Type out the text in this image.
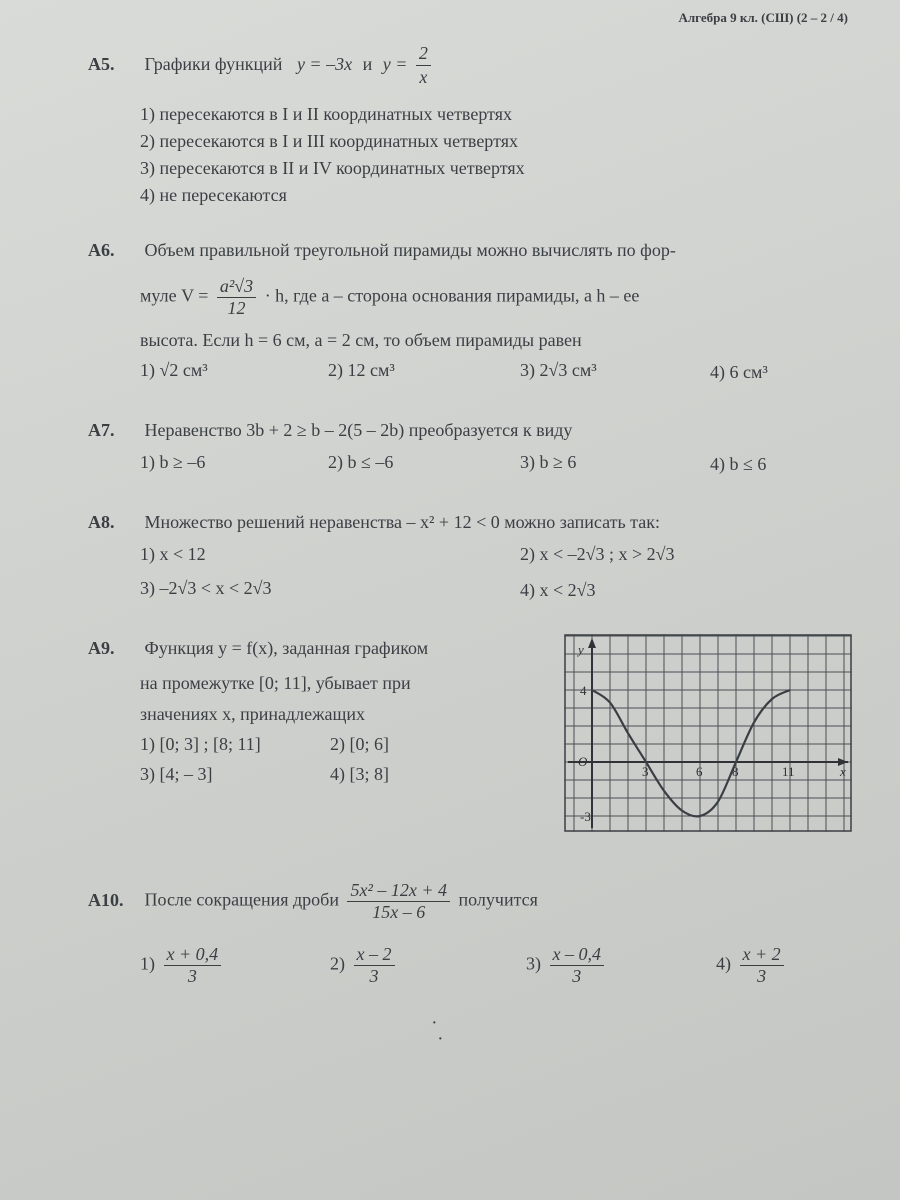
Алгебра 9 кл. (СШ) (2 – 2 / 4)
А5. Графики функций y = –3x и $y = \frac{2}{x}$
1) пересекаются в I и II координатных четвертях
2) пересекаются в I и III координатных четвертях
3) пересекаются в II и IV координатных четвертях
4) не пересекаются
А6. Объем правильной треугольной пирамиды можно вычислять по фор-
муле $V = \frac{\text{a²√3}}{12} \cdot h$, где a – сторона основания пирамиды, а h – ее
высота. Если h = 6 см, a = 2 см, то объем пирамиды равен
1) √2 см³	2) 12 см³	3) 2√3 см³	4) 6 см³
А7. Неравенство 3b + 2 ≥ b – 2(5 – 2b) преобразуется к виду
1) b ≥ –6	2) b ≤ –6	3) b ≥ 6	4) b ≤ 6
А8. Множество решений неравенства – x² + 12 < 0 можно записать так:
1) x < 12	2) x < –2√3 ; x > 2√3
3) –2√3 < x < 2√3	4) x < 2√3
А9. Функция y = f(x), заданная графиком
на промежутке [0; 11], убывает при
значениях x, принадлежащих
1) [0; 3] ; [8; 11]	2) [0; 6]
3) [4; – 3]	4) [3; 8]
y
x
O
4
-3
3	6 8	11
А10. После сокращения дроби $\frac{\text{5x² – 12x + 4}}{15x - 6}$ получится
$1) \frac{x + 0,4}{3}$	$2) \frac{x - 2}{3}$	$3) \frac{x - 0,4}{3}$	$4) \frac{x + 2}{3}$
·
·
